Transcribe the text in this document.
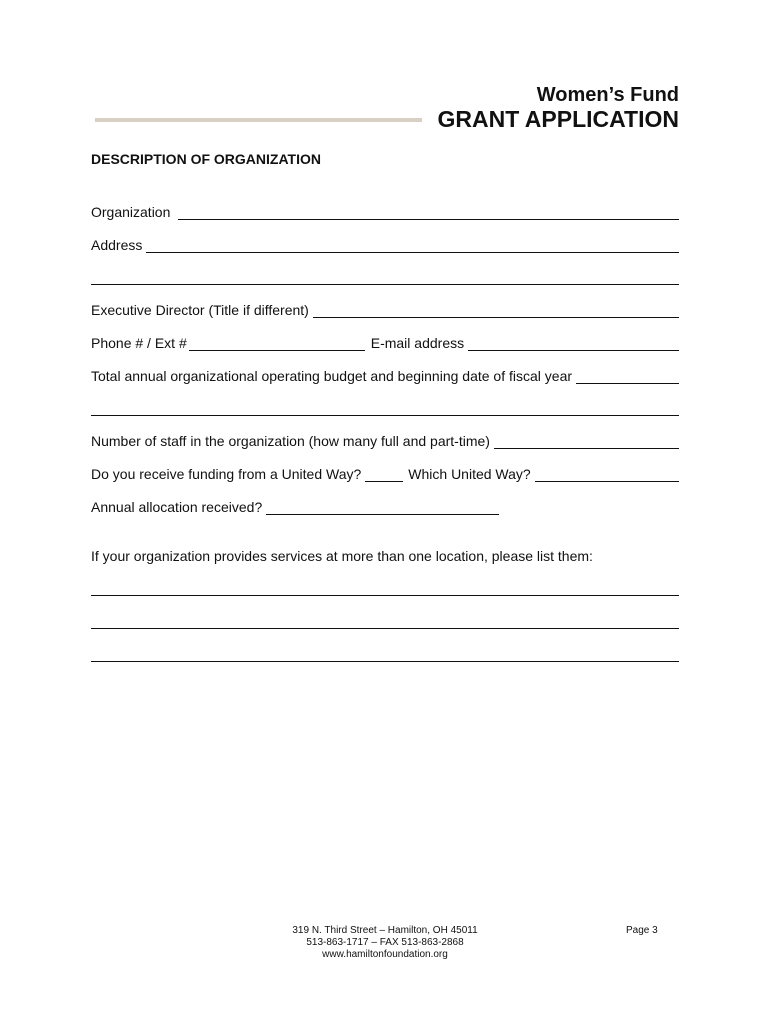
Women’s Fund
GRANT APPLICATION
DESCRIPTION OF ORGANIZATION
Organization
Address
Executive Director (Title if different)
Phone # / Ext #	E-mail address
Total annual organizational operating budget and beginning date of fiscal year
Number of staff in the organization (how many full and part-time)
Do you receive funding from a United Way?	Which United Way?
Annual allocation received?
If your organization provides services at more than one location, please list them:
319 N. Third Street – Hamilton, OH 45011
513-863-1717 – FAX 513-863-2868
www.hamiltonfoundation.org
Page 3
